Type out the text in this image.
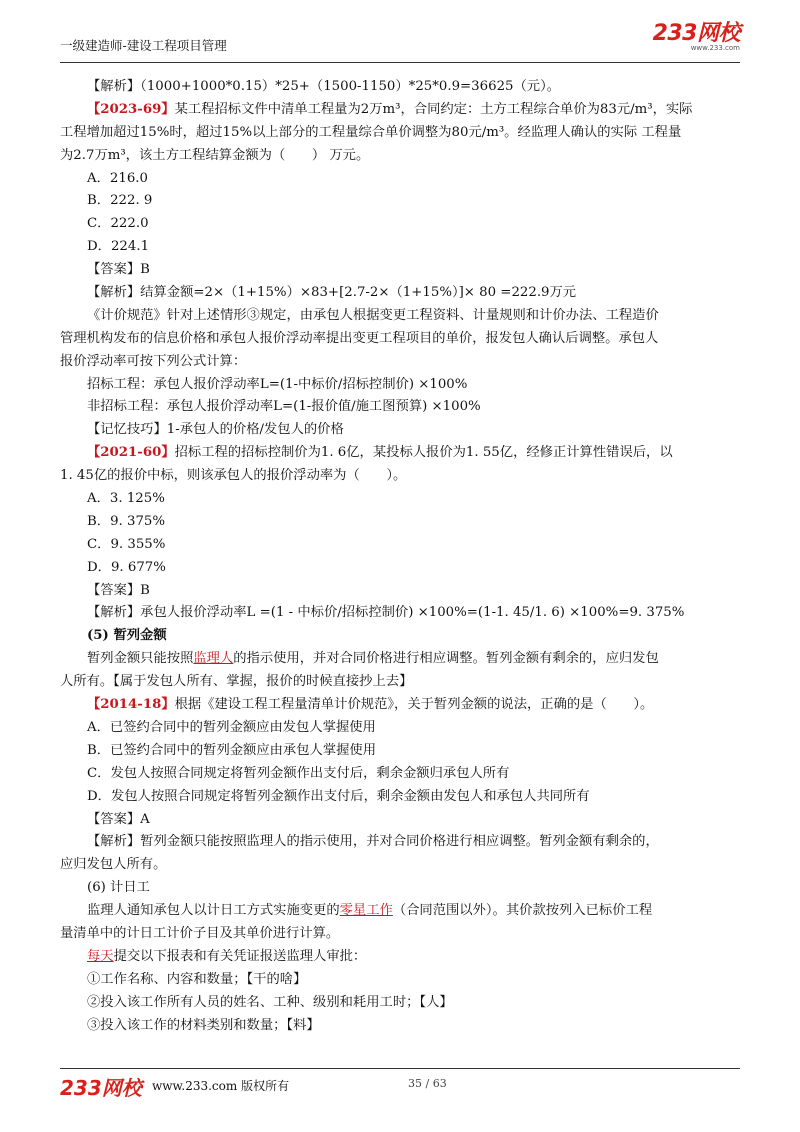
一级建造师-建设工程项目管理	233网校
www.233.com
【解析】（1000+1000*0.15）*25+（1500-1150）*25*0.9=36625（元）。
【2023-69】某工程招标文件中清单工程量为2万m³，合同约定：土方工程综合单价为83元/m³，实际
工程增加超过15%时，超过15%以上部分的工程量综合单价调整为80元/m³。经监理人确认的实际 工程量
为2.7万m³，该土方工程结算金额为（　　） 万元。
A．216.0
B．222. 9
C．222.0
D．224.1
【答案】B
【解析】结算金额=2×（1+15%）×83+[2.7-2×（1+15%）]× 80 =222.9万元
《计价规范》针对上述情形③规定，由承包人根据变更工程资料、计量规则和计价办法、工程造价
管理机构发布的信息价格和承包人报价浮动率提出变更工程项目的单价，报发包人确认后调整。承包人
报价浮动率可按下列公式计算：
招标工程：承包人报价浮动率L=(1-中标价/招标控制价) ×100%
非招标工程：承包人报价浮动率L=(1-报价值/施工图预算) ×100%
【记忆技巧】1-承包人的价格/发包人的价格
【2021-60】招标工程的招标控制价为1. 6亿，某投标人报价为1. 55亿，经修正计算性错误后，以
1. 45亿的报价中标，则该承包人的报价浮动率为（　　）。
A．3. 125%
B．9. 375%
C．9. 355%
D．9. 677%
【答案】B
【解析】承包人报价浮动率L =(1 - 中标价/招标控制价) ×100%=(1-1. 45/1. 6) ×100%=9. 375%
(5) 暂列金额
暂列金额只能按照监理人的指示使用，并对合同价格进行相应调整。暂列金额有剩余的，应归发包
人所有。【属于发包人所有、掌握，报价的时候直接抄上去】
【2014-18】根据《建设工程工程量清单计价规范》，关于暂列金额的说法，正确的是（　　）。
A．已签约合同中的暂列金额应由发包人掌握使用
B．已签约合同中的暂列金额应由承包人掌握使用
C．发包人按照合同规定将暂列金额作出支付后，剩余金额归承包人所有
D．发包人按照合同规定将暂列金额作出支付后，剩余金额由发包人和承包人共同所有
【答案】A
【解析】暂列金额只能按照监理人的指示使用，并对合同价格进行相应调整。暂列金额有剩余的，
应归发包人所有。
(6) 计日工
监理人通知承包人以计日工方式实施变更的零星工作（合同范围以外）。其价款按列入已标价工程
量清单中的计日工计价子目及其单价进行计算。
每天提交以下报表和有关凭证报送监理人审批：
①工作名称、内容和数量；【干的啥】
②投入该工作所有人员的姓名、工种、级别和耗用工时；【人】
③投入该工作的材料类别和数量；【料】
233网校 www.233.com 版权所有	35 / 63
